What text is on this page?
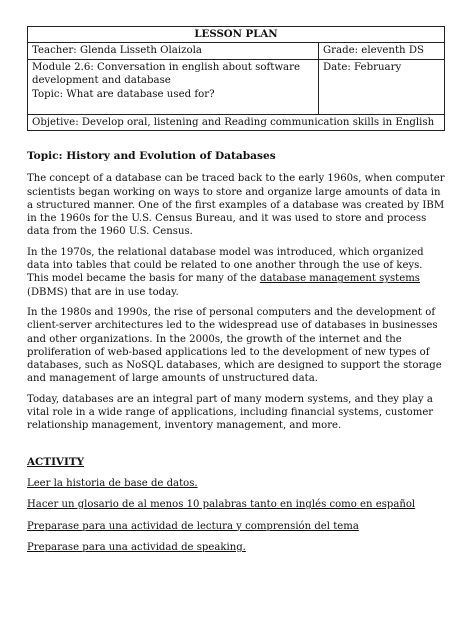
LESSON PLAN	
Teacher: Glenda Lisseth Olaizola	Grade: eleventh DS

Module 2.6: Conversation in english about software
development and database
Topic: What are database used for?	Date: February
Objetive: Develop oral, listening and Reading communication skills in English	
Topic: History and Evolution of Databases

The concept of a database can be traced back to the early 1960s, when computer scientists began working on ways to store and organize large amounts of data in a structured manner. One of the first examples of a database was created by IBM in the 1960s for the U.S. Census Bureau, and it was used to store and process data from the 1960 U.S. Census.

In the 1970s, the relational database model was introduced, which organized data into tables that could be related to one another through the use of keys. This model became the basis for many of the database management systems (DBMS) that are in use today.

In the 1980s and 1990s, the rise of personal computers and the development of client-server architectures led to the widespread use of databases in businesses and other organizations. In the 2000s, the growth of the internet and the proliferation of web-based applications led to the development of new types of databases, such as NoSQL databases, which are designed to support the storage and management of large amounts of unstructured data.

Today, databases are an integral part of many modern systems, and they play a vital role in a wide range of applications, including financial systems, customer relationship management, inventory management, and more.

ACTIVITY
Leer la historia de base de datos.
Hacer un glosario de al menos 10 palabras tanto en inglés como en español
Preparase para una actividad de lectura y comprensión del tema
Preparase para una actividad de speaking.
